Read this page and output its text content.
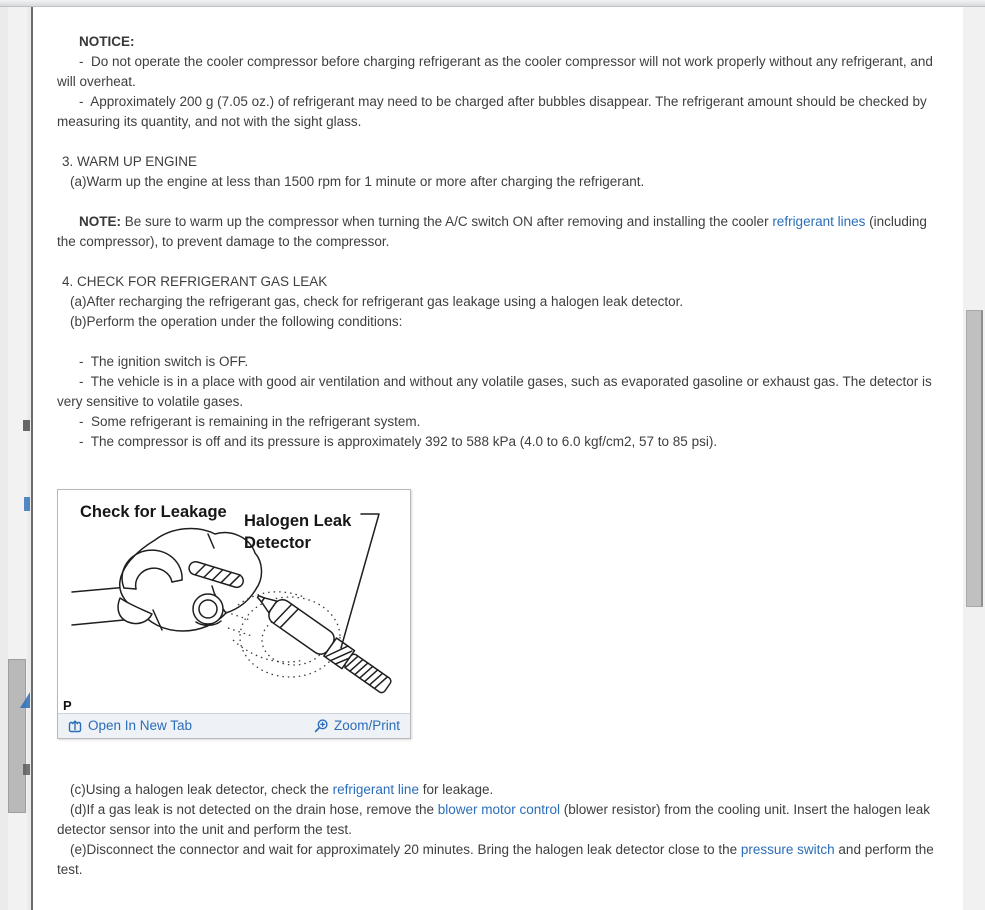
NOTICE:
-  Do not operate the cooler compressor before charging refrigerant as the cooler compressor will not work properly without any refrigerant, and will overheat.
-  Approximately 200 g (7.05 oz.) of refrigerant may need to be charged after bubbles disappear. The refrigerant amount should be checked by measuring its quantity, and not with the sight glass.
3. WARM UP ENGINE
(a)Warm up the engine at less than 1500 rpm for 1 minute or more after charging the refrigerant.
NOTE: Be sure to warm up the compressor when turning the A/C switch ON after removing and installing the cooler refrigerant lines (including the compressor), to prevent damage to the compressor.
4. CHECK FOR REFRIGERANT GAS LEAK
(a)After recharging the refrigerant gas, check for refrigerant gas leakage using a halogen leak detector.
(b)Perform the operation under the following conditions:
-  The ignition switch is OFF.
-  The vehicle is in a place with good air ventilation and without any volatile gases, such as evaporated gasoline or exhaust gas. The detector is very sensitive to volatile gases.
-  Some refrigerant is remaining in the refrigerant system.
-  The compressor is off and its pressure is approximately 392 to 588 kPa (4.0 to 6.0 kgf/cm2, 57 to 85 psi).
Check for Leakage Halogen Leak
Detector
P
Open In New Tab	Zoom/Print
(c)Using a halogen leak detector, check the refrigerant line for leakage.
(d)If a gas leak is not detected on the drain hose, remove the blower motor control (blower resistor) from the cooling unit. Insert the halogen leak detector sensor into the unit and perform the test.
(e)Disconnect the connector and wait for approximately 20 minutes. Bring the halogen leak detector close to the pressure switch and perform the test.
